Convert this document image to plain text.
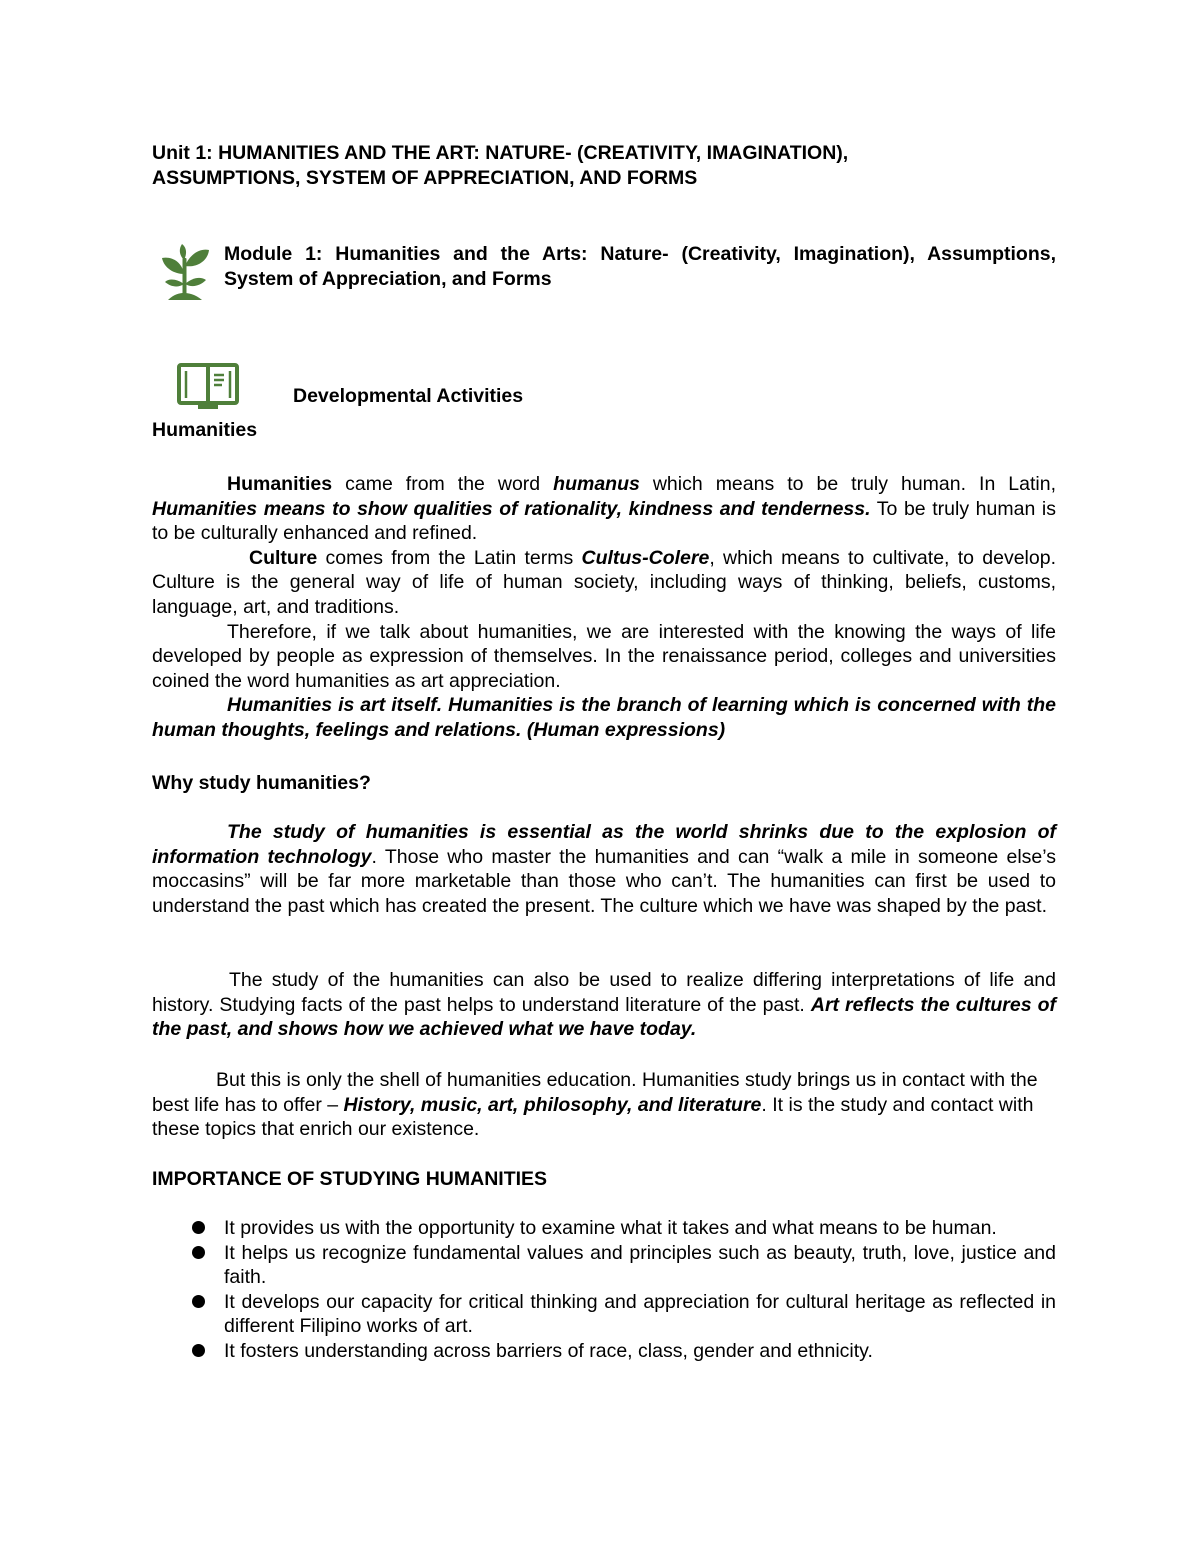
Unit 1: HUMANITIES AND THE ART: NATURE- (CREATIVITY, IMAGINATION), ASSUMPTIONS, SYSTEM OF APPRECIATION, AND FORMS
Module 1: Humanities and the Arts: Nature- (Creativity, Imagination), Assumptions, System of Appreciation, and Forms
Developmental Activities
Humanities

Humanities came from the word humanus which means to be truly human. In Latin, Humanities means to show qualities of rationality, kindness and tenderness. To be truly human is to be culturally enhanced and refined.

Culture comes from the Latin terms Cultus-Colere, which means to cultivate, to develop. Culture is the general way of life of human society, including ways of thinking, beliefs, customs, language, art, and traditions.

Therefore, if we talk about humanities, we are interested with the knowing the ways of life developed by people as expression of themselves. In the renaissance period, colleges and universities coined the word humanities as art appreciation.

Humanities is art itself. Humanities is the branch of learning which is concerned with the human thoughts, feelings and relations. (Human expressions)

Why study humanities?
The study of humanities is essential as the world shrinks due to the explosion of information technology. Those who master the humanities and can “walk a mile in someone else’s moccasins” will be far more marketable than those who can’t. The humanities can first be used to understand the past which has created the present. The culture which we have was shaped by the past.
The study of the humanities can also be used to realize differing interpretations of life and history. Studying facts of the past helps to understand literature of the past. Art reflects the cultures of the past, and shows how we achieved what we have today.
But this is only the shell of humanities education. Humanities study brings us in contact with the best life has to offer – History, music, art, philosophy, and literature. It is the study and contact with these topics that enrich our existence.
IMPORTANCE OF STUDYING HUMANITIES
It provides us with the opportunity to examine what it takes and what means to be human.
It helps us recognize fundamental values and principles such as beauty, truth, love, justice and faith.
It develops our capacity for critical thinking and appreciation for cultural heritage as reflected in different Filipino works of art.
It fosters understanding across barriers of race, class, gender and ethnicity.
